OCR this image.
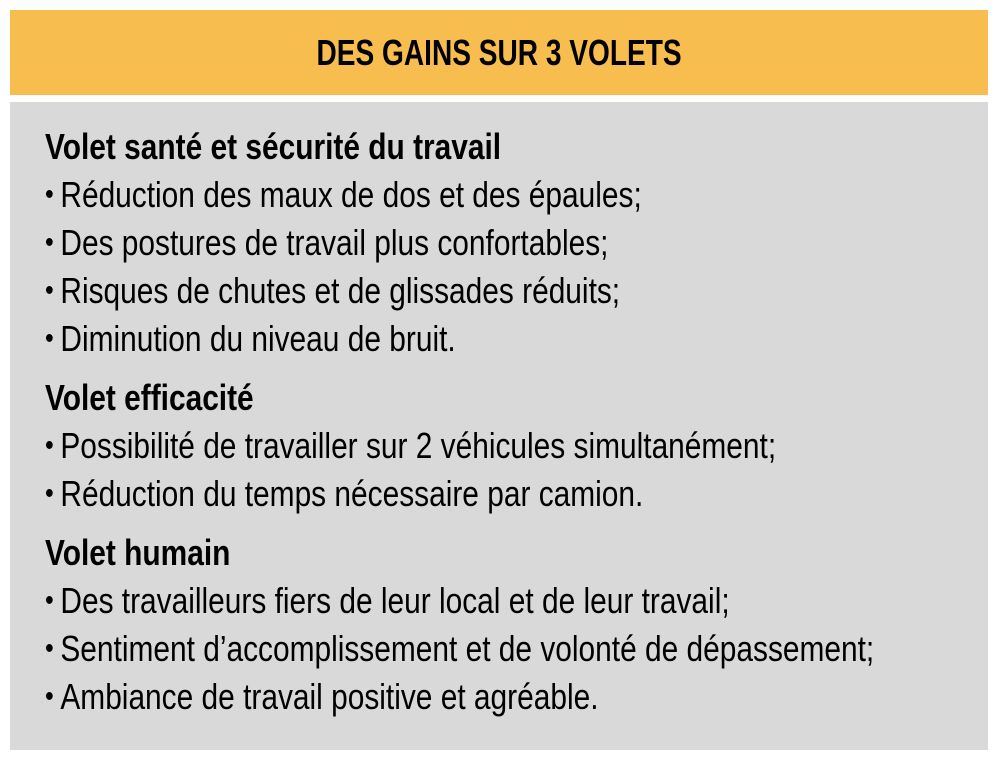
DES GAINS SUR 3 VOLETS
Volet santé et sécurité du travail
• Réduction des maux de dos et des épaules;
• Des postures de travail plus confortables;
• Risques de chutes et de glissades réduits;
• Diminution du niveau de bruit.
Volet efficacité
• Possibilité de travailler sur 2 véhicules simultanément;
• Réduction du temps nécessaire par camion.
Volet humain
• Des travailleurs fiers de leur local et de leur travail;
• Sentiment d’accomplissement et de volonté de dépassement;
• Ambiance de travail positive et agréable.
